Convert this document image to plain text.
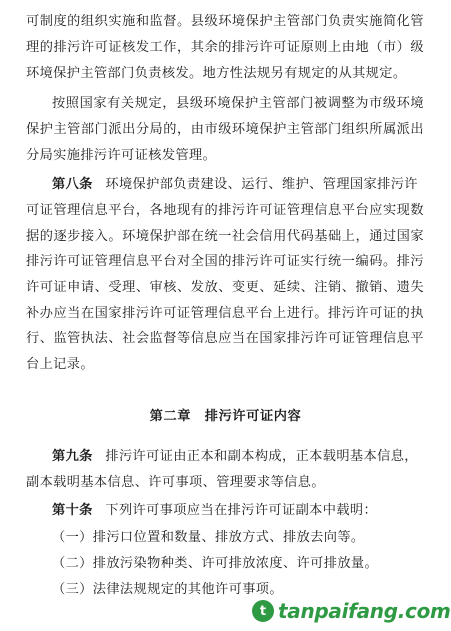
可制度的组织实施和监督。县级环境保护主管部门负责实施简化管
理的排污许可证核发工作，其余的排污许可证原则上由地（市）级
环境保护主管部门负责核发。地方性法规另有规定的从其规定。
按照国家有关规定，县级环境保护主管部门被调整为市级环境
保护主管部门派出分局的，由市级环境保护主管部门组织所属派出
分局实施排污许可证核发管理。
第八条 环境保护部负责建设、运行、维护、管理国家排污许
可证管理信息平台，各地现有的排污许可证管理信息平台应实现数
据的逐步接入。环境保护部在统一社会信用代码基础上，通过国家
排污许可证管理信息平台对全国的排污许可证实行统一编码。排污
许可证申请、受理、审核、发放、变更、延续、注销、撤销、遗失
补办应当在国家排污许可证管理信息平台上进行。排污许可证的执
行、监管执法、社会监督等信息应当在国家排污许可证管理信息平
台上记录。
第二章　排污许可证内容
第九条 排污许可证由正本和副本构成，正本载明基本信息，
副本载明基本信息、许可事项、管理要求等信息。
第十条 下列许可事项应当在排污许可证副本中载明：
（一）排污口位置和数量、排放方式、排放去向等。
（二）排放污染物种类、许可排放浓度、许可排放量。
（三）法律法规规定的其他许可事项。
t tanpaifang.com
